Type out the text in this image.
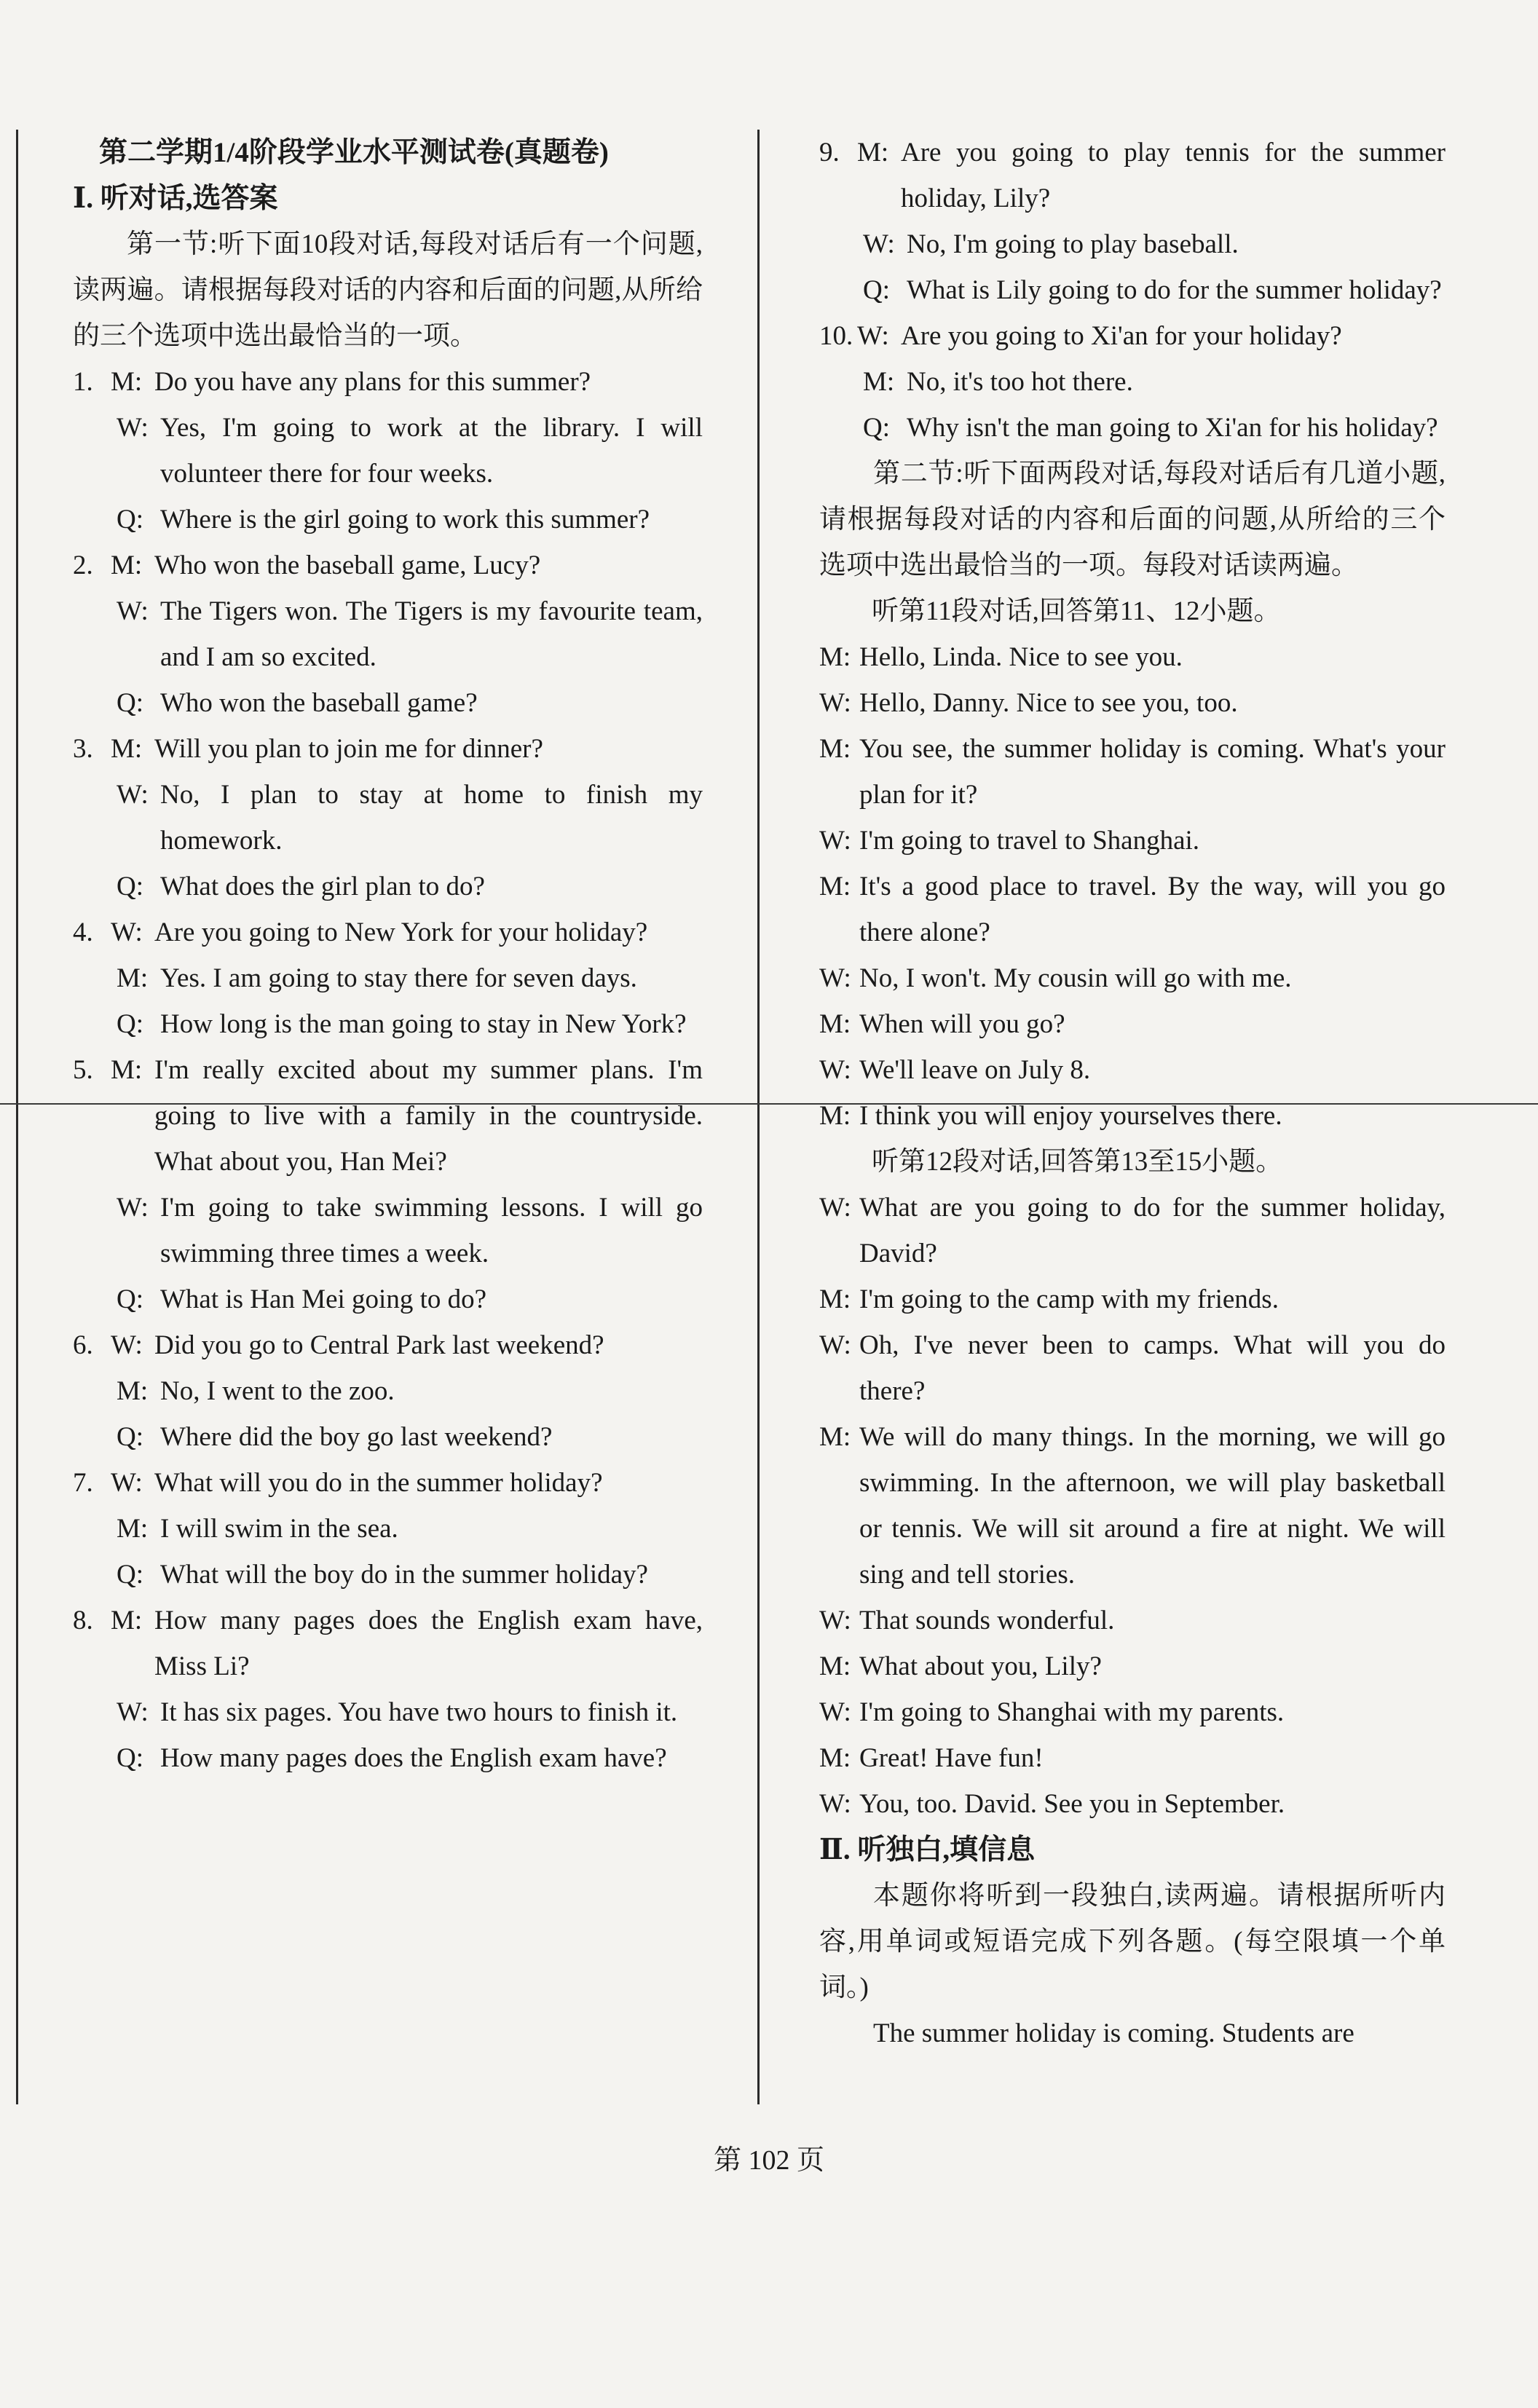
第二学期1/4阶段学业水平测试卷(真题卷)
Ⅰ. 听对话,选答案
第一节:听下面10段对话,每段对话后有一个问题,读两遍。请根据每段对话的内容和后面的问题,从所给的三个选项中选出最恰当的一项。
1. M: Do you have any plans for this summer?
W: Yes, I'm going to work at the library. I will volunteer there for four weeks.
Q: Where is the girl going to work this summer?
2. M: Who won the baseball game, Lucy?
W: The Tigers won. The Tigers is my favourite team, and I am so excited.
Q: Who won the baseball game?
3. M: Will you plan to join me for dinner?
W: No, I plan to stay at home to finish my homework.
Q: What does the girl plan to do?
4. W: Are you going to New York for your holiday?
M: Yes. I am going to stay there for seven days.
Q: How long is the man going to stay in New York?
5. M: I'm really excited about my summer plans. I'm going to live with a family in the countryside. What about you, Han Mei?
W: I'm going to take swimming lessons. I will go swimming three times a week.
Q: What is Han Mei going to do?
6. W: Did you go to Central Park last weekend?
M: No, I went to the zoo.
Q: Where did the boy go last weekend?
7. W: What will you do in the summer holiday?
M: I will swim in the sea.
Q: What will the boy do in the summer holiday?
8. M: How many pages does the English exam have, Miss Li?
W: It has six pages. You have two hours to finish it.
Q: How many pages does the English exam have?
9. M: Are you going to play tennis for the summer holiday, Lily?
W: No, I'm going to play baseball.
Q: What is Lily going to do for the summer holiday?
10. W: Are you going to Xi'an for your holiday?
M: No, it's too hot there.
Q: Why isn't the man going to Xi'an for his holiday?
第二节:听下面两段对话,每段对话后有几道小题,请根据每段对话的内容和后面的问题,从所给的三个选项中选出最恰当的一项。每段对话读两遍。
听第11段对话,回答第11、12小题。
M: Hello, Linda. Nice to see you.
W: Hello, Danny. Nice to see you, too.
M: You see, the summer holiday is coming. What's your plan for it?
W: I'm going to travel to Shanghai.
M: It's a good place to travel. By the way, will you go there alone?
W: No, I won't. My cousin will go with me.
M: When will you go?
W: We'll leave on July 8.
M: I think you will enjoy yourselves there.
听第12段对话,回答第13至15小题。
W: What are you going to do for the summer holiday, David?
M: I'm going to the camp with my friends.
W: Oh, I've never been to camps. What will you do there?
M: We will do many things. In the morning, we will go swimming. In the afternoon, we will play basketball or tennis. We will sit around a fire at night. We will sing and tell stories.
W: That sounds wonderful.
M: What about you, Lily?
W: I'm going to Shanghai with my parents.
M: Great! Have fun!
W: You, too. David. See you in September.
Ⅱ. 听独白,填信息
本题你将听到一段独白,读两遍。请根据所听内容,用单词或短语完成下列各题。(每空限填一个单词。)
The summer holiday is coming. Students are
第 102 页
